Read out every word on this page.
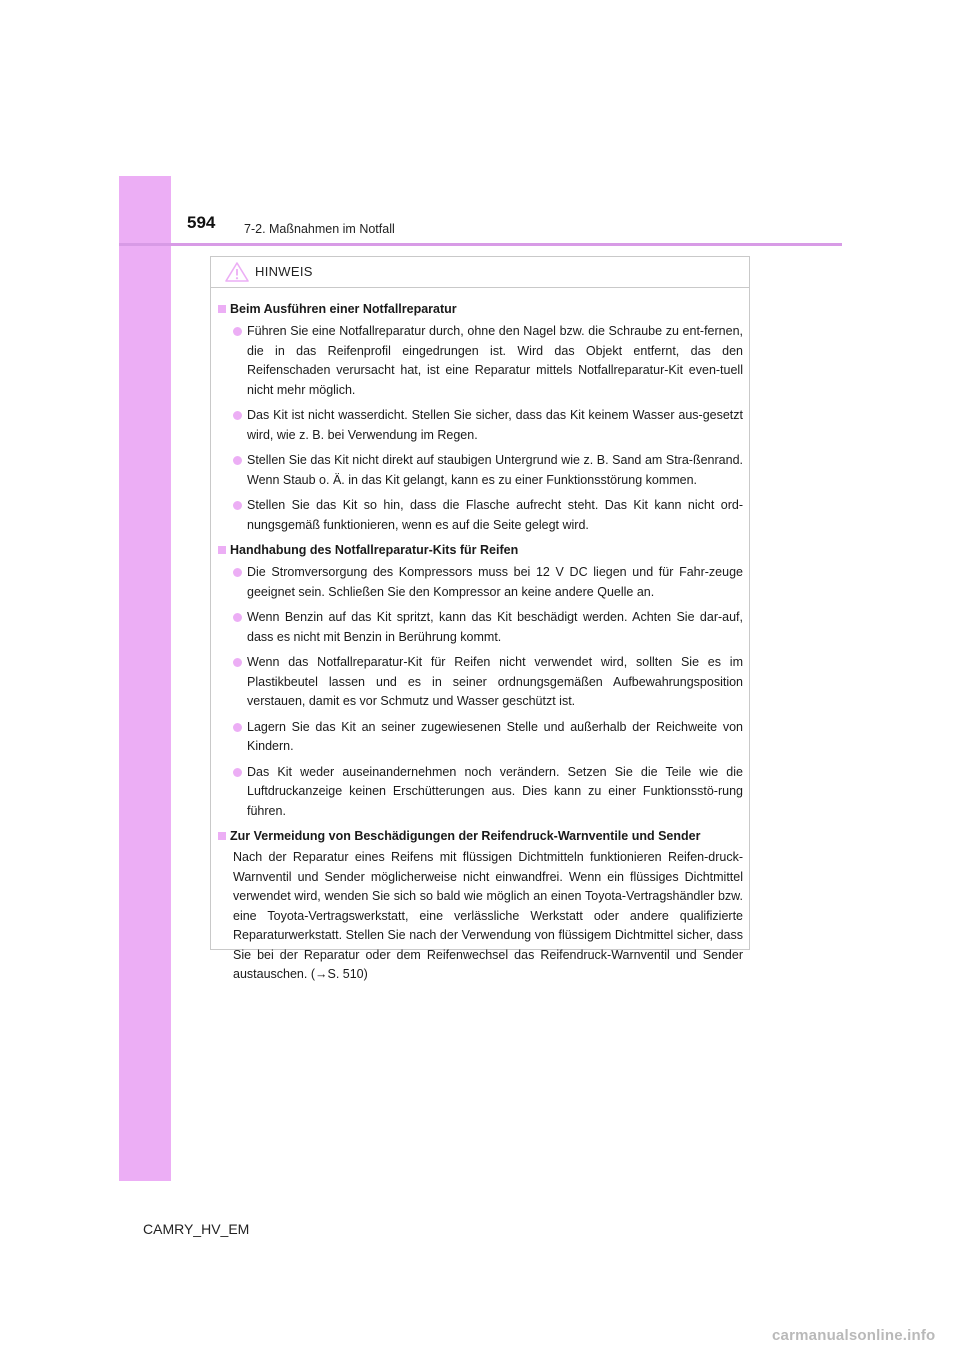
594 7-2. Maßnahmen im Notfall
HINWEIS
Beim Ausführen einer Notfallreparatur
Führen Sie eine Notfallreparatur durch, ohne den Nagel bzw. die Schraube zu ent-fernen, die in das Reifenprofil eingedrungen ist. Wird das Objekt entfernt, das den Reifenschaden verursacht hat, ist eine Reparatur mittels Notfallreparatur-Kit even-tuell nicht mehr möglich.
Das Kit ist nicht wasserdicht. Stellen Sie sicher, dass das Kit keinem Wasser aus-gesetzt wird, wie z. B. bei Verwendung im Regen.
Stellen Sie das Kit nicht direkt auf staubigen Untergrund wie z. B. Sand am Stra-ßenrand. Wenn Staub o. Ä. in das Kit gelangt, kann es zu einer Funktionsstörung kommen.
Stellen Sie das Kit so hin, dass die Flasche aufrecht steht. Das Kit kann nicht ord-nungsgemäß funktionieren, wenn es auf die Seite gelegt wird.
Handhabung des Notfallreparatur-Kits für Reifen
Die Stromversorgung des Kompressors muss bei 12 V DC liegen und für Fahr-zeuge geeignet sein. Schließen Sie den Kompressor an keine andere Quelle an.
Wenn Benzin auf das Kit spritzt, kann das Kit beschädigt werden. Achten Sie dar-auf, dass es nicht mit Benzin in Berührung kommt.
Wenn das Notfallreparatur-Kit für Reifen nicht verwendet wird, sollten Sie es im Plastikbeutel lassen und es in seiner ordnungsgemäßen Aufbewahrungsposition verstauen, damit es vor Schmutz und Wasser geschützt ist.
Lagern Sie das Kit an seiner zugewiesenen Stelle und außerhalb der Reichweite von Kindern.
Das Kit weder auseinandernehmen noch verändern. Setzen Sie die Teile wie die Luftdruckanzeige keinen Erschütterungen aus. Dies kann zu einer Funktionsstö-rung führen.
Zur Vermeidung von Beschädigungen der Reifendruck-Warnventile und Sender
Nach der Reparatur eines Reifens mit flüssigen Dichtmitteln funktionieren Reifen-druck-Warnventil und Sender möglicherweise nicht einwandfrei. Wenn ein flüssiges Dichtmittel verwendet wird, wenden Sie sich so bald wie möglich an einen Toyota-Vertragshändler bzw. eine Toyota-Vertragswerkstatt, eine verlässliche Werkstatt oder andere qualifizierte Reparaturwerkstatt. Stellen Sie nach der Verwendung von flüssigem Dichtmittel sicher, dass Sie bei der Reparatur oder dem Reifenwechsel das Reifendruck-Warnventil und Sender austauschen. (→S. 510)
CAMRY_HV_EM
carmanualsonline.info
